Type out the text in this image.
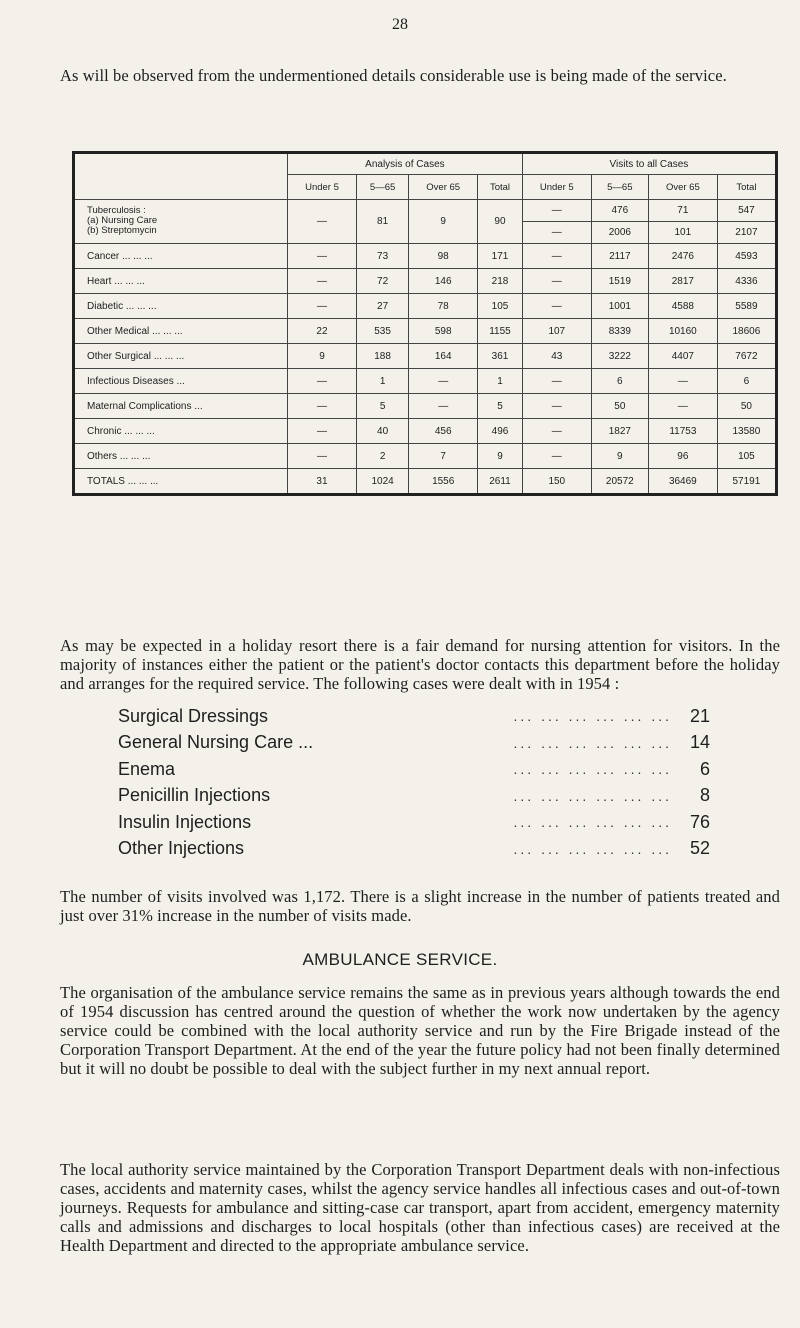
28
As will be observed from the undermentioned details considerable use is being made of the service.
	Analysis of Cases				Visits to all Cases			
	Under 5	5—65	Over 65	Total	Under 5	5—65	Over 65	Total

Tuberculosis :
(a) Nursing Care
(b) Streptomycin	—	81	9	90	—	476	71	547
					—	2006	101	2107
Cancer ... ... ...	—	73	98	171	—	2117	2476	4593
Heart ... ... ...	—	72	146	218	—	1519	2817	4336
Diabetic ... ... ...	—	27	78	105	—	1001	4588	5589
Other Medical ... ... ...	22	535	598	1155	107	8339	10160	18606
Other Surgical ... ... ...	9	188	164	361	43	3222	4407	7672
Infectious Diseases ...	—	1	—	1	—	6	—	6
Maternal Complications ...	—	5	—	5	—	50	—	50
Chronic ... ... ...	—	40	456	496	—	1827	11753	13580
Others ... ... ...	—	2	7	9	—	9	96	105
TOTALS ... ... ...	31	1024	1556	2611	150	20572	36469	57191
As may be expected in a holiday resort there is a fair demand for nursing attention for visitors. In the majority of instances either the patient or the patient's doctor contacts this department before the holiday and arranges for the required service. The following cases were dealt with in 1954 :
Surgical Dressings	... ... ... ... ... ... 21
General Nursing Care ...	... ... ... ... ... ... 14
Enema	... ... ... ... ... ...	6
Penicillin Injections	... ... ... ... ... ...	8
Insulin Injections	... ... ... ... ... ... 76
Other Injections	... ... ... ... ... ... 52
The number of visits involved was 1,172. There is a slight increase in the number of patients treated and just over 31% increase in the number of visits made.
AMBULANCE SERVICE.
The organisation of the ambulance service remains the same as in previous years although towards the end of 1954 discussion has centred around the question of whether the work now undertaken by the agency service could be combined with the local authority service and run by the Fire Brigade instead of the Corporation Transport Department. At the end of the year the future policy had not been finally determined but it will no doubt be possible to deal with the subject further in my next annual report.
The local authority service maintained by the Corporation Transport Department deals with non-infectious cases, accidents and maternity cases, whilst the agency service handles all infectious cases and out-of-town journeys. Requests for ambulance and sitting-case car transport, apart from accident, emergency maternity calls and admissions and discharges to local hospitals (other than infectious cases) are received at the Health Department and directed to the appropriate ambulance service.
